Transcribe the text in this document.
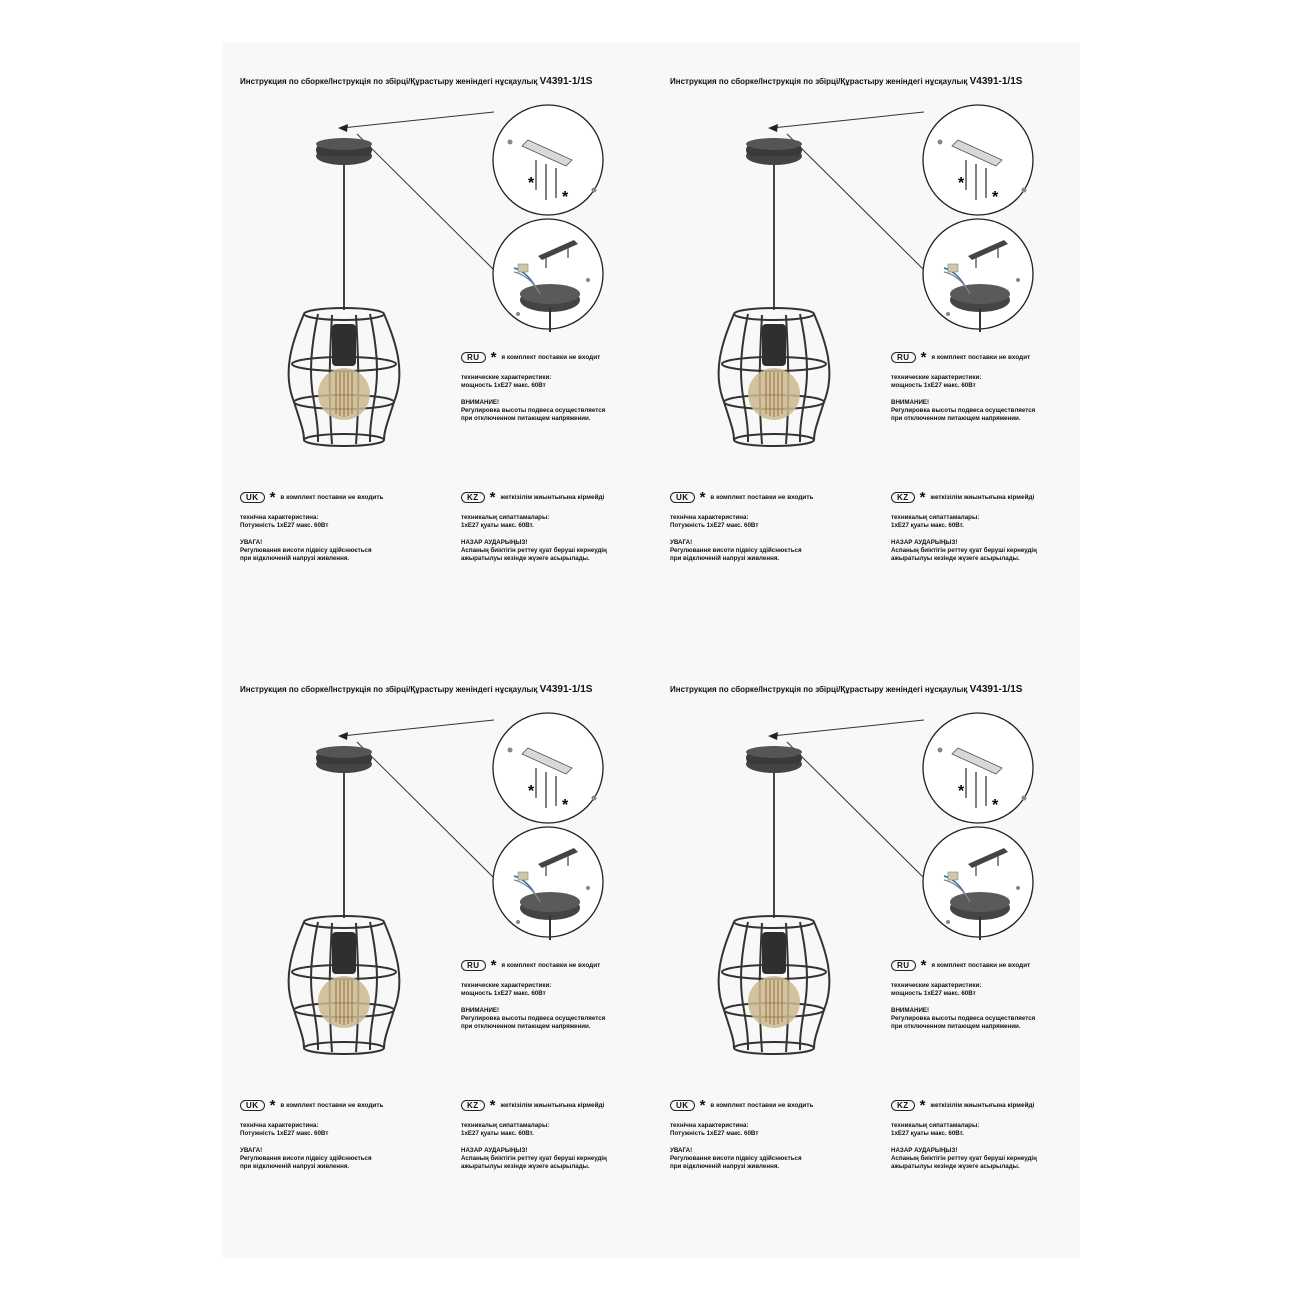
Инструкция по сборке/Інструкція по збірці/Құрастыру женіндегі нұсқаулық V4391-1/1S
*
*
RU * я комплект поставки не входит
технические характеристики:
мощность 1хЕ27 макс. 60Вт
ВНИМАНИЕ!
Регулировка высоты подвеса осуществляется
при отключенном питающем напряжении.
UK * в комплект поставки не входить
технічна характеристина:
Потужність 1хЕ27 макс. 60Вт
УВАГА!
Регулювання висоти підвісу здійснюється
при відключеній напрузі живлення.
KZ * жеткізілім жиынтығына кірмейді
техникалық сипаттамалары:
1хЕ27 қуаты макс. 60Вт.
НАЗАР АУДАРЫҢЫЗ!
Аспаның биіктігін реттеу қуат беруші кернеудің
ажыратылуы кезінде жүзеге асырылады.
Инструкция по сборке/Інструкція по збірці/Құрастыру женіндегі нұсқаулық V4391-1/1S
*
*
RU * я комплект поставки не входит
технические характеристики:
мощность 1хЕ27 макс. 60Вт
ВНИМАНИЕ!
Регулировка высоты подвеса осуществляется
при отключенном питающем напряжении.
UK * в комплект поставки не входить
технічна характеристина:
Потужність 1хЕ27 макс. 60Вт
УВАГА!
Регулювання висоти підвісу здійснюється
при відключеній напрузі живлення.
KZ * жеткізілім жиынтығына кірмейді
техникалық сипаттамалары:
1хЕ27 қуаты макс. 60Вт.
НАЗАР АУДАРЫҢЫЗ!
Аспаның биіктігін реттеу қуат беруші кернеудің
ажыратылуы кезінде жүзеге асырылады.
Инструкция по сборке/Інструкція по збірці/Құрастыру женіндегі нұсқаулық V4391-1/1S
*
*
RU * я комплект поставки не входит
технические характеристики:
мощность 1хЕ27 макс. 60Вт
ВНИМАНИЕ!
Регулировка высоты подвеса осуществляется
при отключенном питающем напряжении.
UK * в комплект поставки не входить
технічна характеристина:
Потужність 1хЕ27 макс. 60Вт
УВАГА!
Регулювання висоти підвісу здійснюється
при відключеній напрузі живлення.
KZ * жеткізілім жиынтығына кірмейді
техникалық сипаттамалары:
1хЕ27 қуаты макс. 60Вт.
НАЗАР АУДАРЫҢЫЗ!
Аспаның биіктігін реттеу қуат беруші кернеудің
ажыратылуы кезінде жүзеге асырылады.
Инструкция по сборке/Інструкція по збірці/Құрастыру женіндегі нұсқаулық V4391-1/1S
*
*
RU * я комплект поставки не входит
технические характеристики:
мощность 1хЕ27 макс. 60Вт
ВНИМАНИЕ!
Регулировка высоты подвеса осуществляется
при отключенном питающем напряжении.
UK * в комплект поставки не входить
технічна характеристина:
Потужність 1хЕ27 макс. 60Вт
УВАГА!
Регулювання висоти підвісу здійснюється
при відключеній напрузі живлення.
KZ * жеткізілім жиынтығына кірмейді
техникалық сипаттамалары:
1хЕ27 қуаты макс. 60Вт.
НАЗАР АУДАРЫҢЫЗ!
Аспаның биіктігін реттеу қуат беруші кернеудің
ажыратылуы кезінде жүзеге асырылады.
